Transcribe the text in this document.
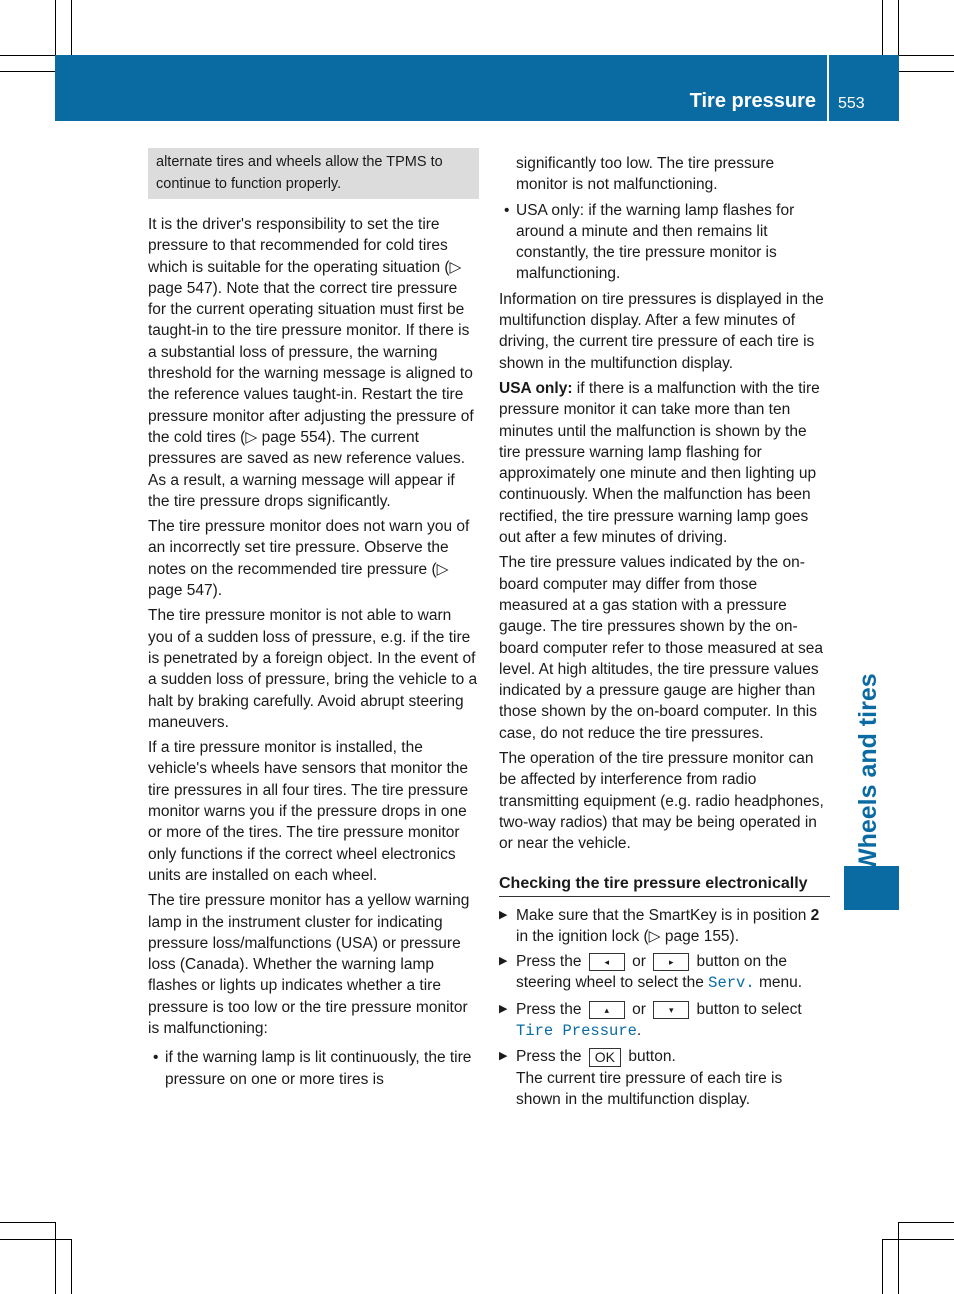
Tire pressure 553
Wheels and tires
alternate tires and wheels allow the TPMS to continue to function properly.

It is the driver's responsibility to set the tire pressure to that recommended for cold tires which is suitable for the operating situation (▷ page 547). Note that the correct tire pressure for the current operating situation must first be taught-in to the tire pressure monitor. If there is a substantial loss of pressure, the warning threshold for the warning message is aligned to the reference values taught-in. Restart the tire pressure monitor after adjusting the pressure of the cold tires (▷ page 554). The current pressures are saved as new reference values. As a result, a warning message will appear if the tire pressure drops significantly.

The tire pressure monitor does not warn you of an incorrectly set tire pressure. Observe the notes on the recommended tire pressure (▷ page 547).

The tire pressure monitor is not able to warn you of a sudden loss of pressure, e.g. if the tire is penetrated by a foreign object. In the event of a sudden loss of pressure, bring the vehicle to a halt by braking carefully. Avoid abrupt steering maneuvers.

If a tire pressure monitor is installed, the vehicle's wheels have sensors that monitor the tire pressures in all four tires. The tire pressure monitor warns you if the pressure drops in one or more of the tires. The tire pressure monitor only functions if the correct wheel electronics units are installed on each wheel.

The tire pressure monitor has a yellow warning lamp in the instrument cluster for indicating pressure loss/malfunctions (USA) or pressure loss (Canada). Whether the warning lamp flashes or lights up indicates whether a tire pressure is too low or the tire pressure monitor is malfunctioning:

• if the warning lamp is lit continuously, the tire pressure on one or more tires is
significantly too low. The tire pressure monitor is not malfunctioning.
• USA only: if the warning lamp flashes for around a minute and then remains lit constantly, the tire pressure monitor is malfunctioning.

Information on tire pressures is displayed in the multifunction display. After a few minutes of driving, the current tire pressure of each tire is shown in the multifunction display.

USA only: if there is a malfunction with the tire pressure monitor it can take more than ten minutes until the malfunction is shown by the tire pressure warning lamp flashing for approximately one minute and then lighting up continuously. When the malfunction has been rectified, the tire pressure warning lamp goes out after a few minutes of driving.

The tire pressure values indicated by the on-board computer may differ from those measured at a gas station with a pressure gauge. The tire pressures shown by the on-board computer refer to those measured at sea level. At high altitudes, the tire pressure values indicated by a pressure gauge are higher than those shown by the on-board computer. In this case, do not reduce the tire pressures.

The operation of the tire pressure monitor can be affected by interference from radio transmitting equipment (e.g. radio headphones, two-way radios) that may be being operated in or near the vehicle.

Checking the tire pressure electronically
▶ Make sure that the SmartKey is in position 2 in the ignition lock (▷ page 155).
▶ Press the	◂ or	▸ button on the steering wheel to select the Serv. menu.
▶ Press the	▴ or	▾ button to select
Tire Pressure.
▶ Press the OK button.
The current tire pressure of each tire is shown in the multifunction display.
